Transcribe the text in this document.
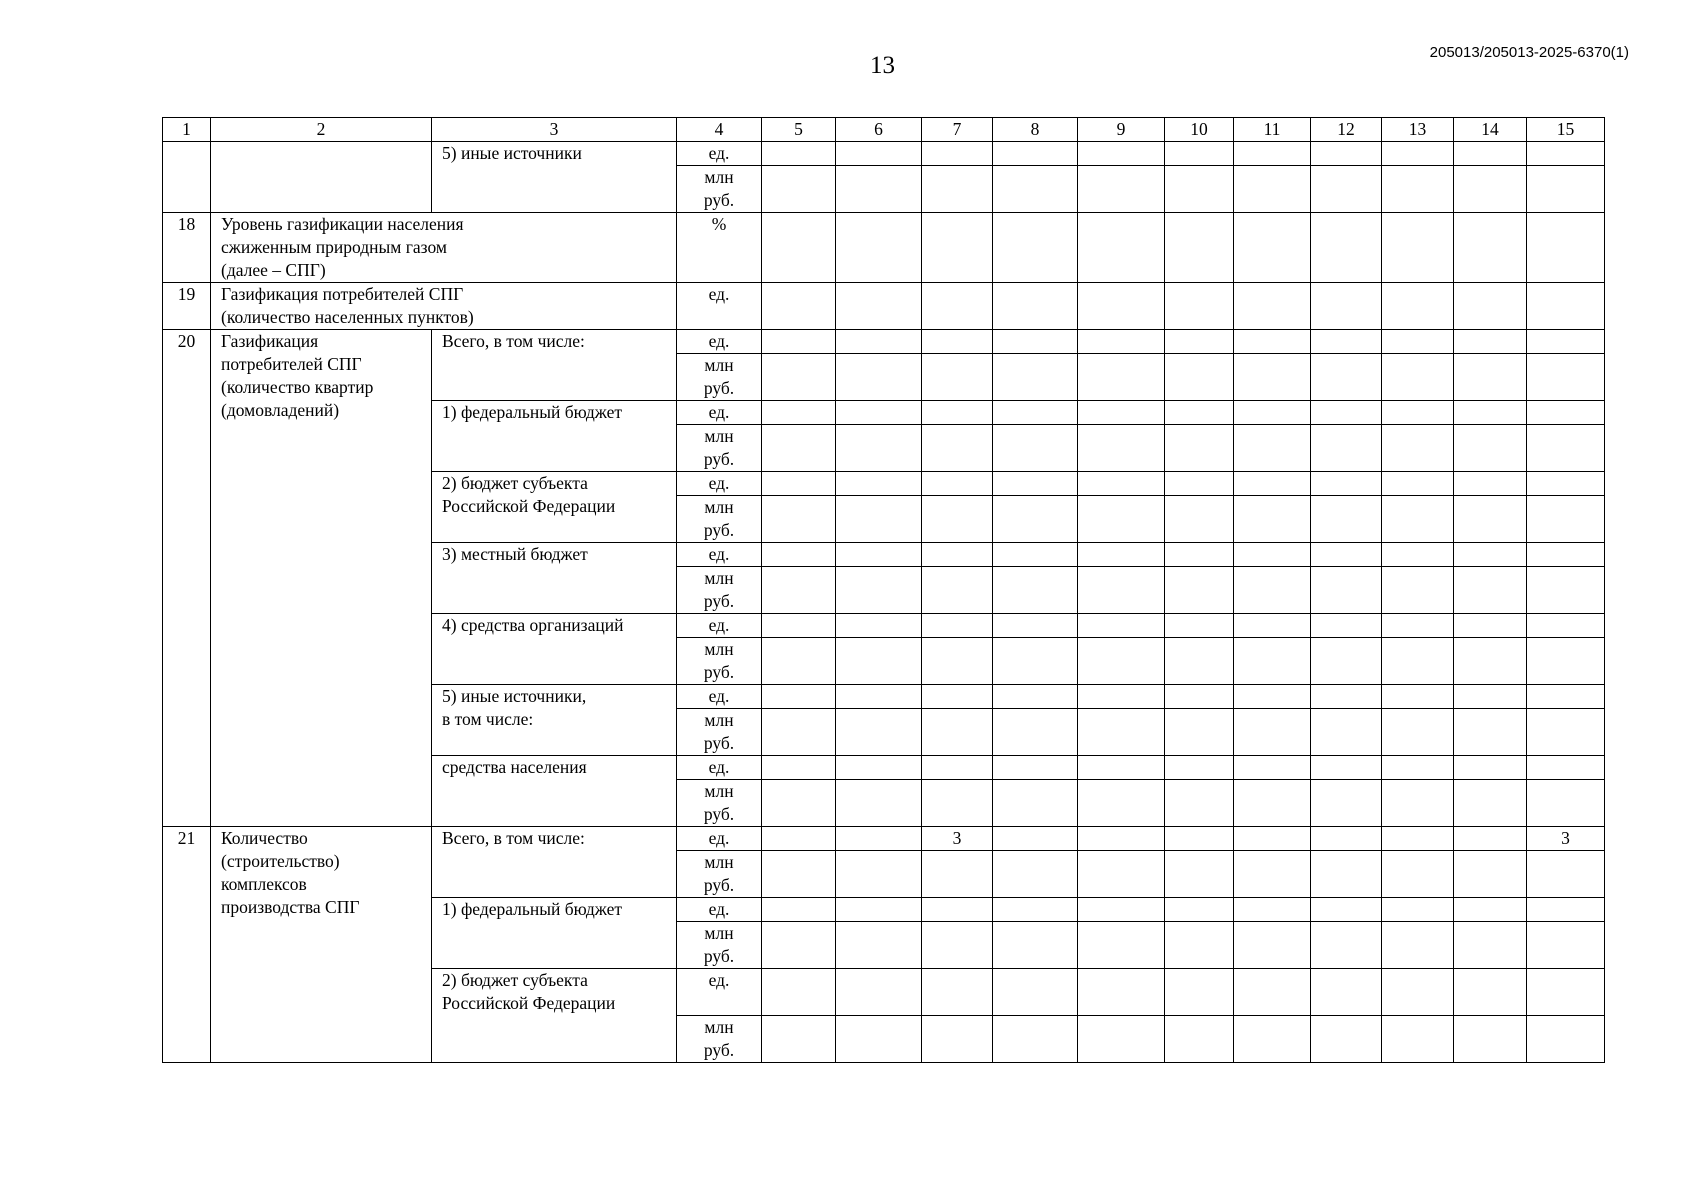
13	205013/205013-2025-6370(1)
1	2	3	4	5	6	7	8	9	10	11	12	13	14	15
		5) иные источники	ед.											
			млн
руб.											
18	Уровень газификации населения
сжиженным природным газом
(далее – СПГ)		%											
19	Газификация потребителей СПГ
(количество населенных пунктов)		ед.											
20	Газификация
потребителей СПГ
(количество квартир
(домовладений)	Всего, в том числе:	ед.											
			млн
руб.											
		1) федеральный бюджет	ед.											
			млн
руб.											
		2) бюджет субъекта
Российской Федерации	ед.											
			млн
руб.											
		3) местный бюджет	ед.											
			млн
руб.											
		4) средства организаций	ед.											
			млн
руб.											
		5) иные источники,
в том числе:	ед.											
			млн
руб.											
		средства населения	ед.											
			млн
руб.											
21	Количество
(строительство)
комплексов
производства СПГ	Всего, в том числе:	ед.			3								3
			млн
руб.											
		1) федеральный бюджет	ед.											
			млн
руб.											
		2) бюджет субъекта
Российской Федерации	ед.											
			млн
руб.											
